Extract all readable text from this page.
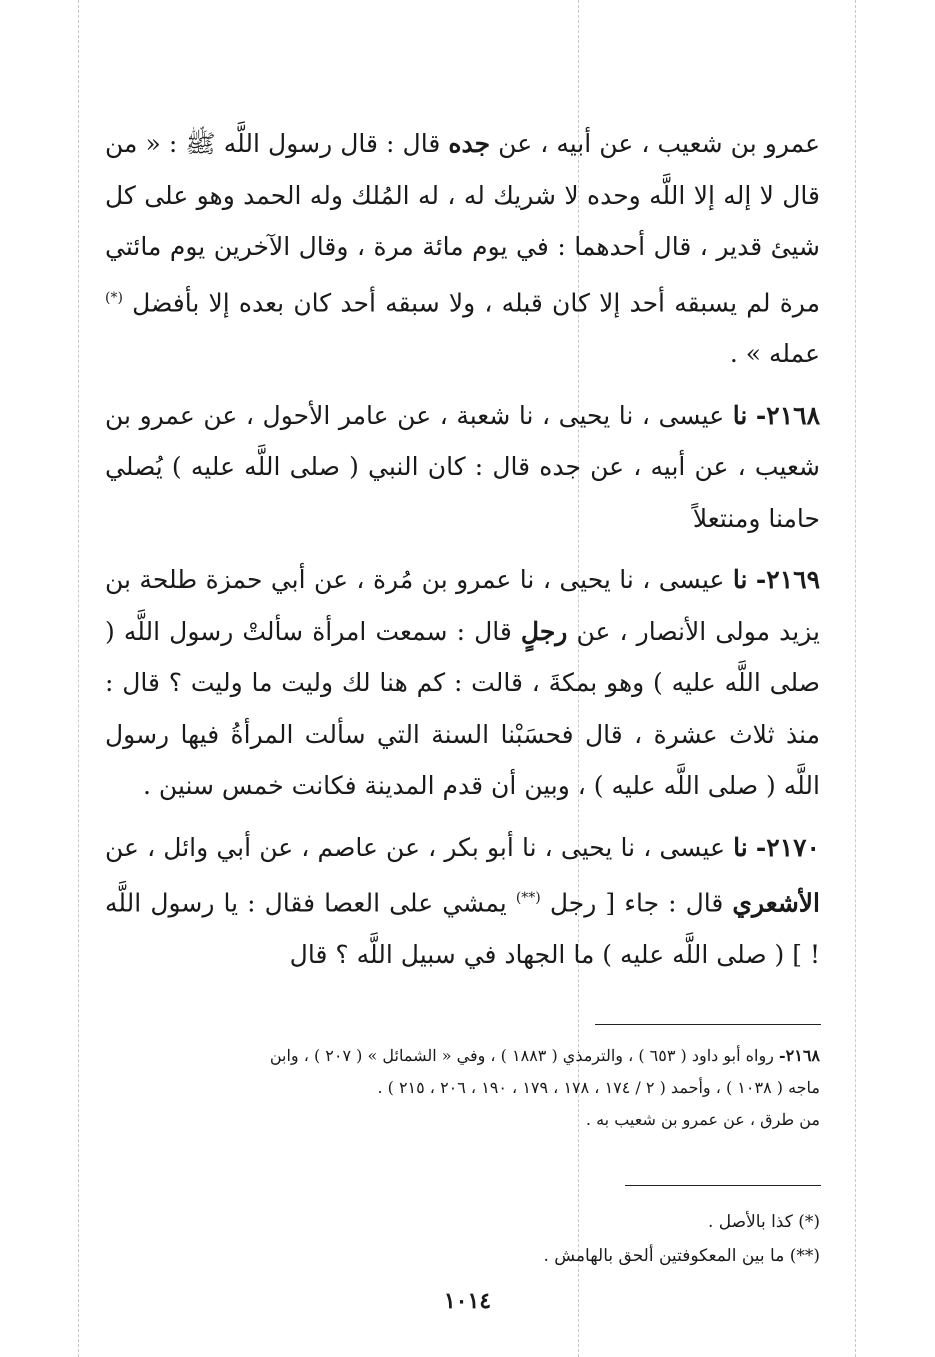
عمرو بن شعيب ، عن أبيه ، عن جده قال : قال رسول اللَّه ﷺ : « من قال لا إله إلا اللَّه وحده لا شريك له ، له المُلك وله الحمد وهو على كل شيئ قدير ، قال أحدهما : في يوم مائة مرة ، وقال الآخرين يوم مائتي مرة لم يسبقه أحد إلا كان قبله ، ولا سبقه أحد كان بعده إلا بأفضل (*) عمله » .

٢١٦٨- نا عيسى ، نا يحيى ، نا شعبة ، عن عامر الأحول ، عن عمرو بن شعيب ، عن أبيه ، عن جده قال : كان النبي ( صلى اللَّه عليه ) يُصلي حامنا ومنتعلاً

٢١٦٩- نا عيسى ، نا يحيى ، نا عمرو بن مُرة ، عن أبي حمزة طلحة بن يزيد مولى الأنصار ، عن رجلٍ قال : سمعت امرأة سألتْ رسول اللَّه ( صلى اللَّه عليه ) وهو بمكةَ ، قالت : كم هنا لك وليت ما وليت ؟ قال : منذ ثلاث عشرة ، قال فحسَبْنا السنة التي سألت المرأةُ فيها رسول اللَّه ( صلى اللَّه عليه ) ، وبين أن قدم المدينة فكانت خمس سنين .

٢١٧٠- نا عيسى ، نا يحيى ، نا أبو بكر ، عن عاصم ، عن أبي وائل ، عن الأشعري قال : جاء [ رجل (**) يمشي على العصا فقال : يا رسول اللَّه ! ] ( صلى اللَّه عليه ) ما الجهاد في سبيل اللَّه ؟ قال

٢١٦٨- رواه أبو داود ( ٦٥٣ ) ، والترمذي ( ١٨٨٣ ) ، وفي « الشمائل » ( ٢٠٧ ) ، وابن
ماجه ( ١٠٣٨ ) ، وأحمد ( ٢ / ١٧٤ ، ١٧٨ ، ١٧٩ ، ١٩٠ ، ٢٠٦ ، ٢١٥ ) .
من طرق ، عن عمرو بن شعيب به .
(*) كذا بالأصل .
(**) ما بين المعكوفتين ألحق بالهامش .
١٠١٤
